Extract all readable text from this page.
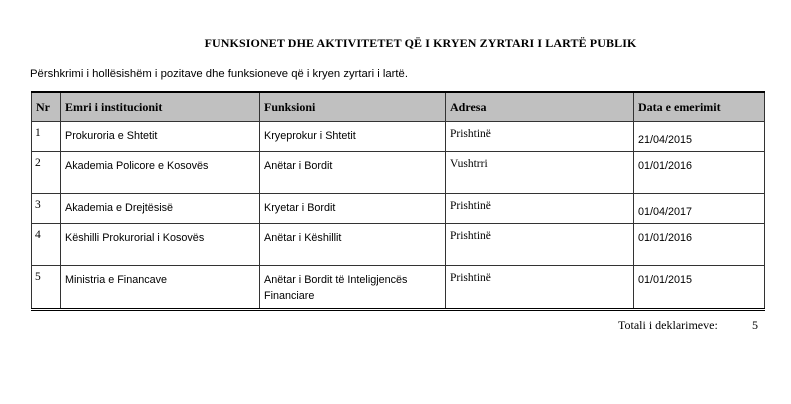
FUNKSIONET DHE AKTIVITETET QË I KRYEN ZYRTARI I LARTË PUBLIK
Përshkrimi i hollësishëm i pozitave dhe funksioneve që i kryen zyrtari i lartë.
Nr	Emri i institucionit	Funksioni	Adresa	Data e emerimit
1	Prokuroria e Shtetit	Kryeprokur i Shtetit	Prishtinë	21/04/2015
2	Akademia Policore e Kosovës	Anëtar i Bordit	Vushtrri	01/01/2016
3	Akademia e Drejtësisë	Kryetar i Bordit	Prishtinë	01/04/2017
4	Këshilli Prokurorial i Kosovës	Anëtar i Këshillit	Prishtinë	01/01/2016
5	Ministria e Financave	Anëtar i Bordit të Inteligjencës Financiare	Prishtinë	01/01/2015
Totali i deklarimeve:	5
